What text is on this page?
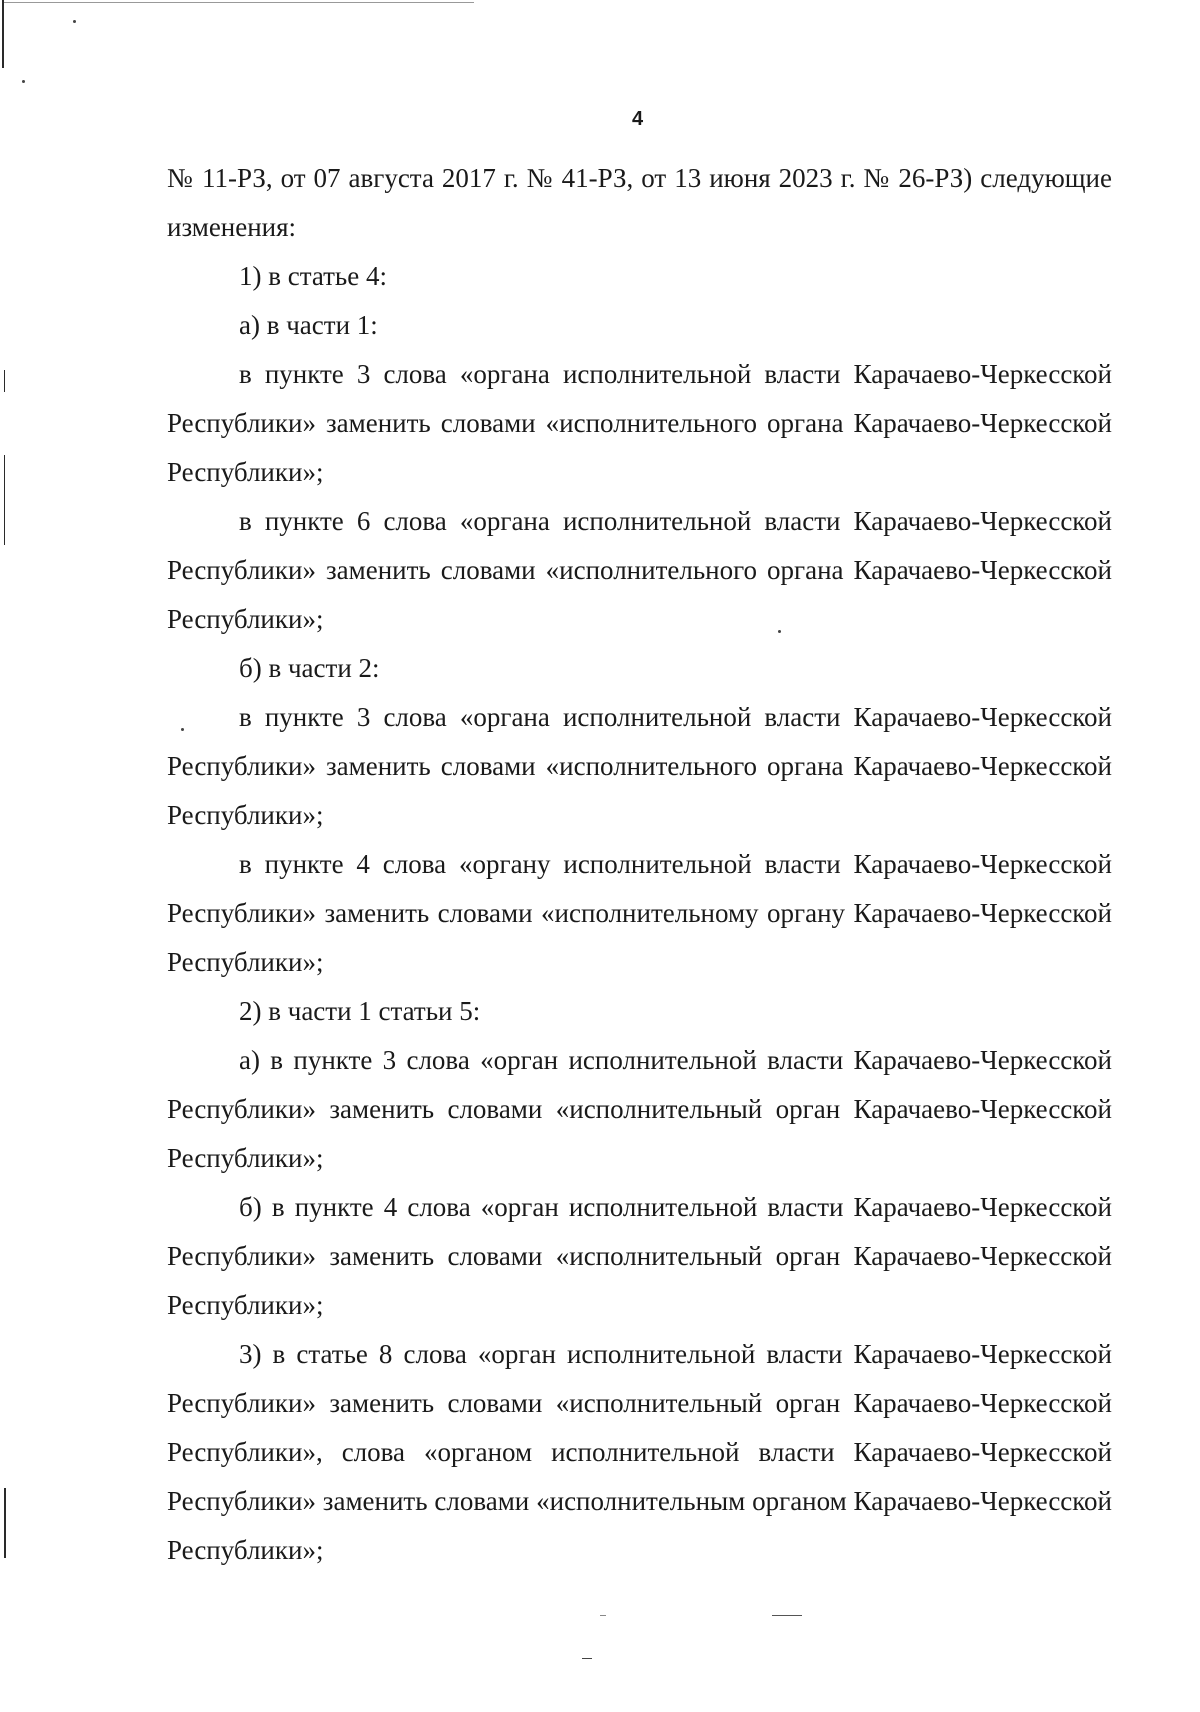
4

№ 11-РЗ, от 07 августа 2017 г. № 41-РЗ, от 13 июня 2023 г. № 26-РЗ) следующие изменения:

1) в статье 4:

а) в части 1:

в пункте 3 слова «органа исполнительной власти Карачаево-Черкесской Республики» заменить словами «исполнительного органа Карачаево-Черкесской Республики»;

в пункте 6 слова «органа исполнительной власти Карачаево-Черкесской Республики» заменить словами «исполнительного органа Карачаево-Черкесской Республики»;

б) в части 2:

в пункте 3 слова «органа исполнительной власти Карачаево-Черкесской Республики» заменить словами «исполнительного органа Карачаево-Черкесской Республики»;

в пункте 4 слова «органу исполнительной власти Карачаево-Черкесской Республики» заменить словами «исполнительному органу Карачаево-Черкесской Республики»;

2) в части 1 статьи 5:

а) в пункте 3 слова «орган исполнительной власти Карачаево-Черкесской Республики» заменить словами «исполнительный орган Карачаево-Черкесской Республики»;

б) в пункте 4 слова «орган исполнительной власти Карачаево-Черкесской Республики» заменить словами «исполнительный орган Карачаево-Черкесской Республики»;

3) в статье 8 слова «орган исполнительной власти Карачаево-Черкесской Республики» заменить словами «исполнительный орган Карачаево-Черкесской Республики», слова «органом исполнительной власти Карачаево-Черкесской Республики» заменить словами «исполнительным органом Карачаево-Черкесской Республики»;
